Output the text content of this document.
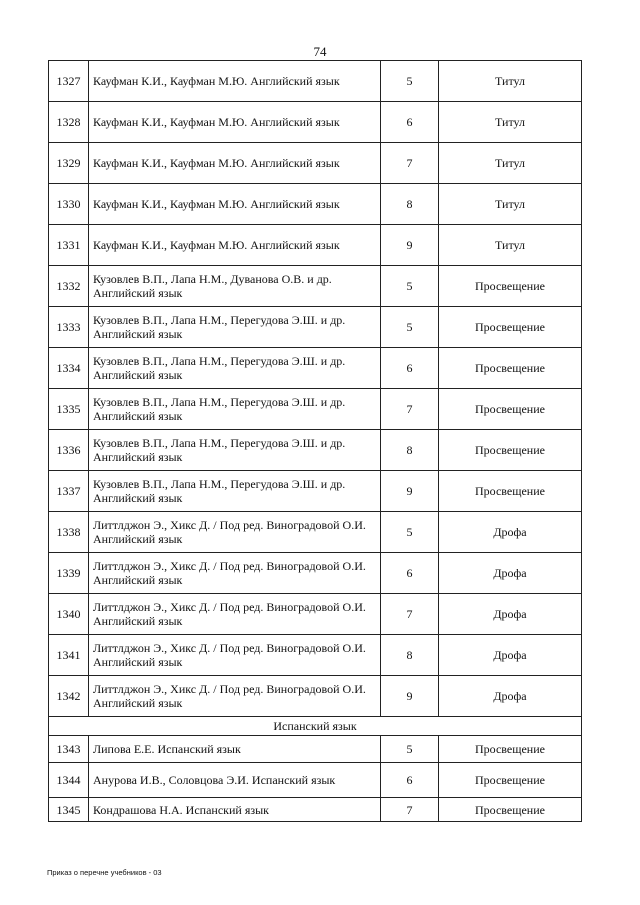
74
1327	Кауфман К.И., Кауфман М.Ю. Английский язык	5	Титул
1328	Кауфман К.И., Кауфман М.Ю. Английский язык	6	Титул
1329	Кауфман К.И., Кауфман М.Ю. Английский язык	7	Титул
1330	Кауфман К.И., Кауфман М.Ю. Английский язык	8	Титул
1331	Кауфман К.И., Кауфман М.Ю. Английский язык	9	Титул
1332	Кузовлев В.П., Лапа Н.М., Дуванова О.В. и др. Английский язык	5	Просвещение
1333	Кузовлев В.П., Лапа Н.М., Перегудова Э.Ш. и др. Английский язык	5	Просвещение
1334	Кузовлев В.П., Лапа Н.М., Перегудова Э.Ш. и др. Английский язык	6	Просвещение
1335	Кузовлев В.П., Лапа Н.М., Перегудова Э.Ш. и др. Английский язык	7	Просвещение
1336	Кузовлев В.П., Лапа Н.М., Перегудова Э.Ш. и др. Английский язык	8	Просвещение
1337	Кузовлев В.П., Лапа Н.М., Перегудова Э.Ш. и др. Английский язык	9	Просвещение
1338	Литтлджон Э., Хикс Д. / Под ред. Виноградовой О.И. Английский язык	5	Дрофа
1339	Литтлджон Э., Хикс Д. / Под ред. Виноградовой О.И. Английский язык	6	Дрофа
1340	Литтлджон Э., Хикс Д. / Под ред. Виноградовой О.И. Английский язык	7	Дрофа
1341	Литтлджон Э., Хикс Д. / Под ред. Виноградовой О.И. Английский язык	8	Дрофа
1342	Литтлджон Э., Хикс Д. / Под ред. Виноградовой О.И. Английский язык	9	Дрофа
Испанский язык			
1343	Липова Е.Е. Испанский язык	5	Просвещение
1344	Анурова И.В., Соловцова Э.И. Испанский язык	6	Просвещение
1345	Кондрашова Н.А. Испанский язык	7	Просвещение
Приказ о перечне учебников - 03
